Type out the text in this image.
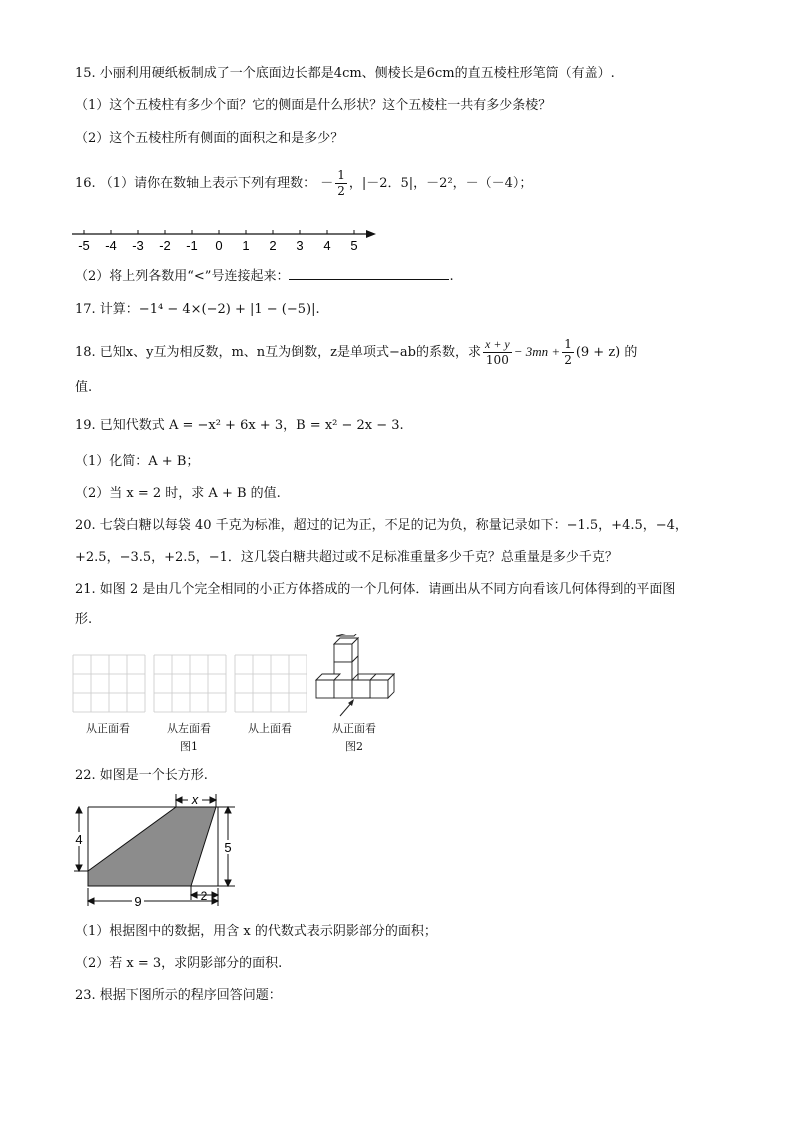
15. 小丽利用硬纸板制成了一个底面边长都是4cm、侧棱长是6cm的直五棱柱形笔筒（有盖）.
（1）这个五棱柱有多少个面？它的侧面是什么形状？这个五棱柱一共有多少条棱？
（2）这个五棱柱所有侧面的面积之和是多少？
16. （1）请你在数轴上表示下列有理数： － $\frac{1}{2}$ ，|－2．5|，－2²，－（－4）；
-5 -4 -3 -2 -1 0 1 2 3 4 5
（2）将上列各数用“<”号连接起来：	.
17. 计算：−1⁴ − 4×(−2) + |1 − (−5)|.
18. 已知x、y互为相反数，m、n互为倒数，z是单项式−ab的系数，求 $\frac{x + y}{100} - 3mn + \frac{1}{2} (9 + z)$ 的
值.
19. 已知代数式 A = −x² + 6x + 3，B = x² − 2x − 3.
（1）化简：A + B；
（2）当 x = 2 时，求 A + B 的值.
20. 七袋白糖以每袋 40 千克为标准，超过的记为正，不足的记为负，称量记录如下：−1.5，+4.5，−4，
+2.5，−3.5，+2.5，−1．这几袋白糖共超过或不足标准重量多少千克？总重量是多少千克？
21. 如图 2 是由几个完全相同的小正方体搭成的一个几何体．请画出从不同方向看该几何体得到的平面图
形.
从正面看	从左面看	从上面看
图1
从正面看
图2
22. 如图是一个长方形.
x
4
5
9	2
（1）根据图中的数据，用含 x 的代数式表示阴影部分的面积；
（2）若 x = 3，求阴影部分的面积.
23. 根据下图所示的程序回答问题：
